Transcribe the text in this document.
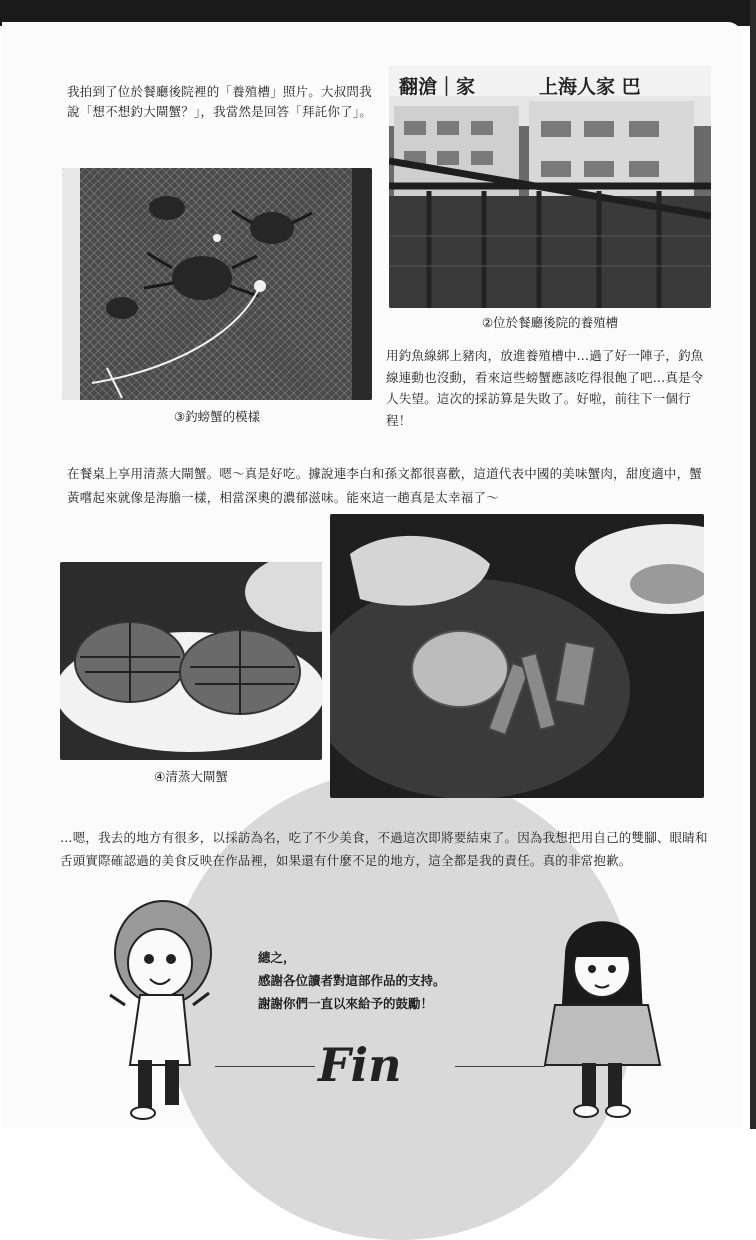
我拍到了位於餐廳後院裡的「養殖槽」照片。大叔問我說「想不想釣大閘蟹？」，我當然是回答「拜託你了」。
翻滄｜家	上海人家 巴
②位於餐廳後院的養殖槽
③釣螃蟹的模樣
用釣魚線綁上豬肉，放進養殖槽中…過了好一陣子，釣魚線連動也沒動，看來這些螃蟹應該吃得很飽了吧…真是令人失望。這次的採訪算是失敗了。好啦，前往下一個行程！
在餐桌上享用清蒸大閘蟹。嗯～真是好吃。據說連李白和孫文都很喜歡，這道代表中國的美味蟹肉，甜度適中，蟹黃嚐起來就像是海膽一樣，相當深奧的濃郁滋味。能來這一趟真是太幸福了～
④清蒸大閘蟹
…嗯，我去的地方有很多，以採訪為名，吃了不少美食，不過這次即將要結束了。因為我想把用自己的雙腳、眼睛和舌頭實際確認過的美食反映在作品裡，如果還有什麼不足的地方，這全都是我的責任。真的非常抱歉。
總之，
感謝各位讀者對這部作品的支持。
謝謝你們一直以來給予的鼓勵！
Fin
